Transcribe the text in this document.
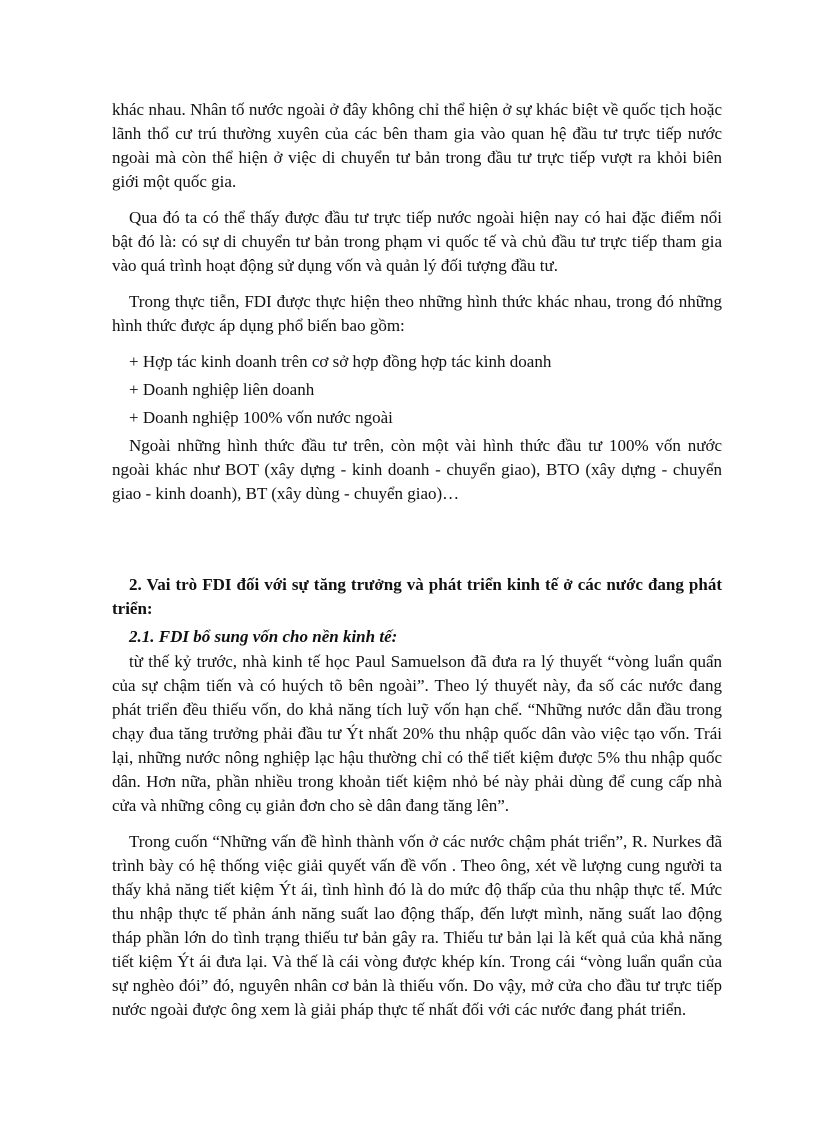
khác nhau. Nhân tố nước ngoài ở đây không chỉ thể hiện ở sự khác biệt về quốc tịch hoặc lãnh thổ cư trú thường xuyên của các bên tham gia vào quan hệ đầu tư trực tiếp nước ngoài mà còn thể hiện ở việc di chuyển tư bản trong đầu tư trực tiếp vượt ra khỏi biên giới một quốc gia.

Qua đó ta có thể thấy được đầu tư trực tiếp nước ngoài hiện nay có hai đặc điểm nổi bật đó là: có sự di chuyển tư bản trong phạm vi quốc tế và chủ đầu tư trực tiếp tham gia vào quá trình hoạt động sử dụng vốn và quản lý đối tượng đầu tư.

Trong thực tiễn, FDI được thực hiện theo những hình thức khác nhau, trong đó những hình thức được áp dụng phổ biến bao gồm:

+ Hợp tác kinh doanh trên cơ sở hợp đồng hợp tác kinh doanh

+ Doanh nghiệp liên doanh

+ Doanh nghiệp 100% vốn nước ngoài

Ngoài những hình thức đầu tư trên, còn một vài hình thức đầu tư 100% vốn nước ngoài khác như BOT (xây dựng - kinh doanh - chuyển giao), BTO (xây dựng - chuyển giao - kinh doanh), BT (xây dùng - chuyển giao)…

2. Vai trò FDI đối với sự tăng trưởng và phát triển kinh tế ở các nước đang phát triển:

2.1. FDI bổ sung vốn cho nền kinh tế:

từ thế kỷ trước, nhà kinh tế học Paul Samuelson đã đưa ra lý thuyết “vòng luẩn quẩn của sự chậm tiến và có huých tõ bên ngoài”. Theo lý thuyết này, đa số các nước đang phát triển đều thiếu vốn, do khả năng tích luỹ vốn hạn chế. “Những nước dẫn đầu trong chạy đua tăng trưởng phải đầu tư Ýt nhất 20% thu nhập quốc dân vào việc tạo vốn. Trái lại, những nước nông nghiệp lạc hậu thường chỉ có thể tiết kiệm được 5% thu nhập quốc dân. Hơn nữa, phần nhiều trong khoản tiết kiệm nhỏ bé này phải dùng để cung cấp nhà cửa và những công cụ giản đơn cho sè dân đang tăng lên”.

Trong cuốn “Những vấn đề hình thành vốn ở các nước chậm phát triển”, R. Nurkes đã trình bày có hệ thống việc giải quyết vấn đề vốn . Theo ông, xét về lượng cung người ta thấy khả năng tiết kiệm Ýt ái, tình hình đó là do mức độ thấp của thu nhập thực tế. Mức thu nhập thực tế phản ánh năng suất lao động thấp, đến lượt mình, năng suất lao động tháp phần lớn do tình trạng thiếu tư bản gây ra. Thiếu tư bản lại là kết quả của khả năng tiết kiệm Ýt ái đưa lại. Và thế là cái vòng được khép kín. Trong cái “vòng luẩn quẩn của sự nghèo đói” đó, nguyên nhân cơ bản là thiếu vốn. Do vậy, mở cửa cho đầu tư trực tiếp nước ngoài được ông xem là giải pháp thực tế nhất đối với các nước đang phát triển.
